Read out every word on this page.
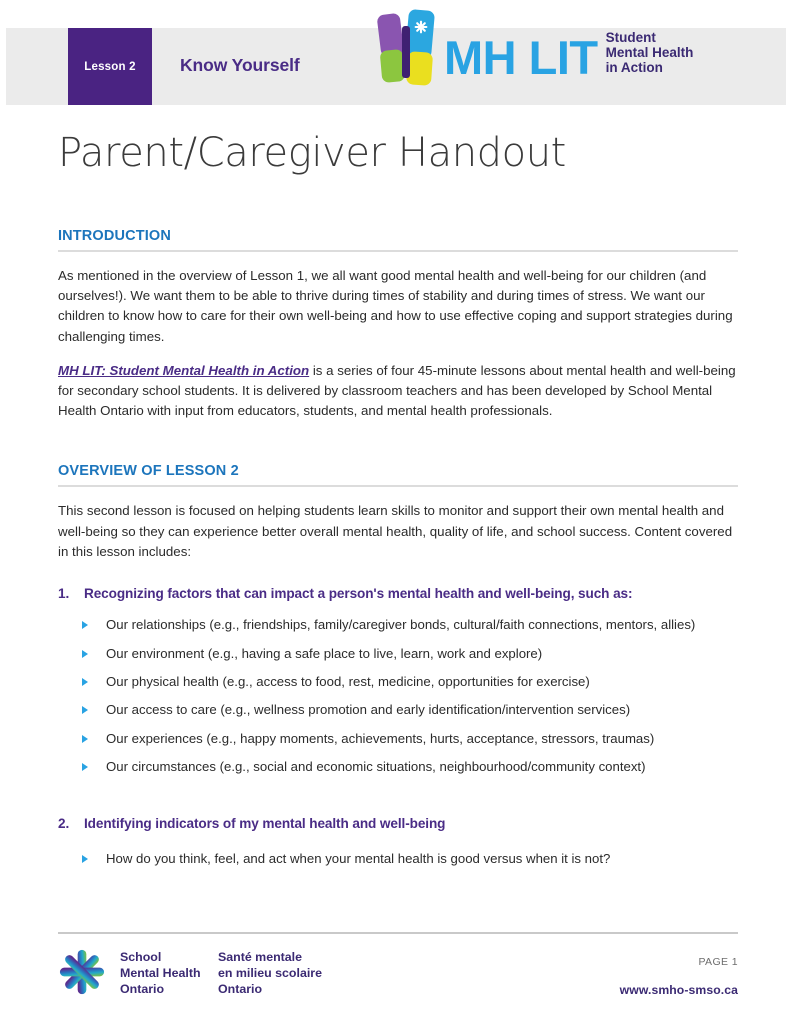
Lesson 2	Know Yourself	MH LIT Student
Mental Health
in Action
Parent/Caregiver Handout
INTRODUCTION

As mentioned in the overview of Lesson 1, we all want good mental health and well-being for our children (and ourselves!). We want them to be able to thrive during times of stability and during times of stress. We want our children to know how to care for their own well-being and how to use effective coping and support strategies during challenging times.

MH LIT: Student Mental Health in Action is a series of four 45-minute lessons about mental health and well-being for secondary school students. It is delivered by classroom teachers and has been developed by School Mental Health Ontario with input from educators, students, and mental health professionals.

OVERVIEW OF LESSON 2

This second lesson is focused on helping students learn skills to monitor and support their own mental health and well-being so they can experience better overall mental health, quality of life, and school success. Content covered in this lesson includes:

1.	Recognizing factors that can impact a person's mental health and well-being, such as:
Our relationships (e.g., friendships, family/caregiver bonds, cultural/faith connections, mentors, allies)
Our environment (e.g., having a safe place to live, learn, work and explore)
Our physical health (e.g., access to food, rest, medicine, opportunities for exercise)
Our access to care (e.g., wellness promotion and early identification/intervention services)
Our experiences (e.g., happy moments, achievements, hurts, acceptance, stressors, traumas)
Our circumstances (e.g., social and economic situations, neighbourhood/community context)
2.	Identifying indicators of my mental health and well-being
How do you think, feel, and act when your mental health is good versus when it is not?
School
Mental Health
Ontario
Santé mentale
en milieu scolaire
Ontario
PAGE 1
www.smho-smso.ca
